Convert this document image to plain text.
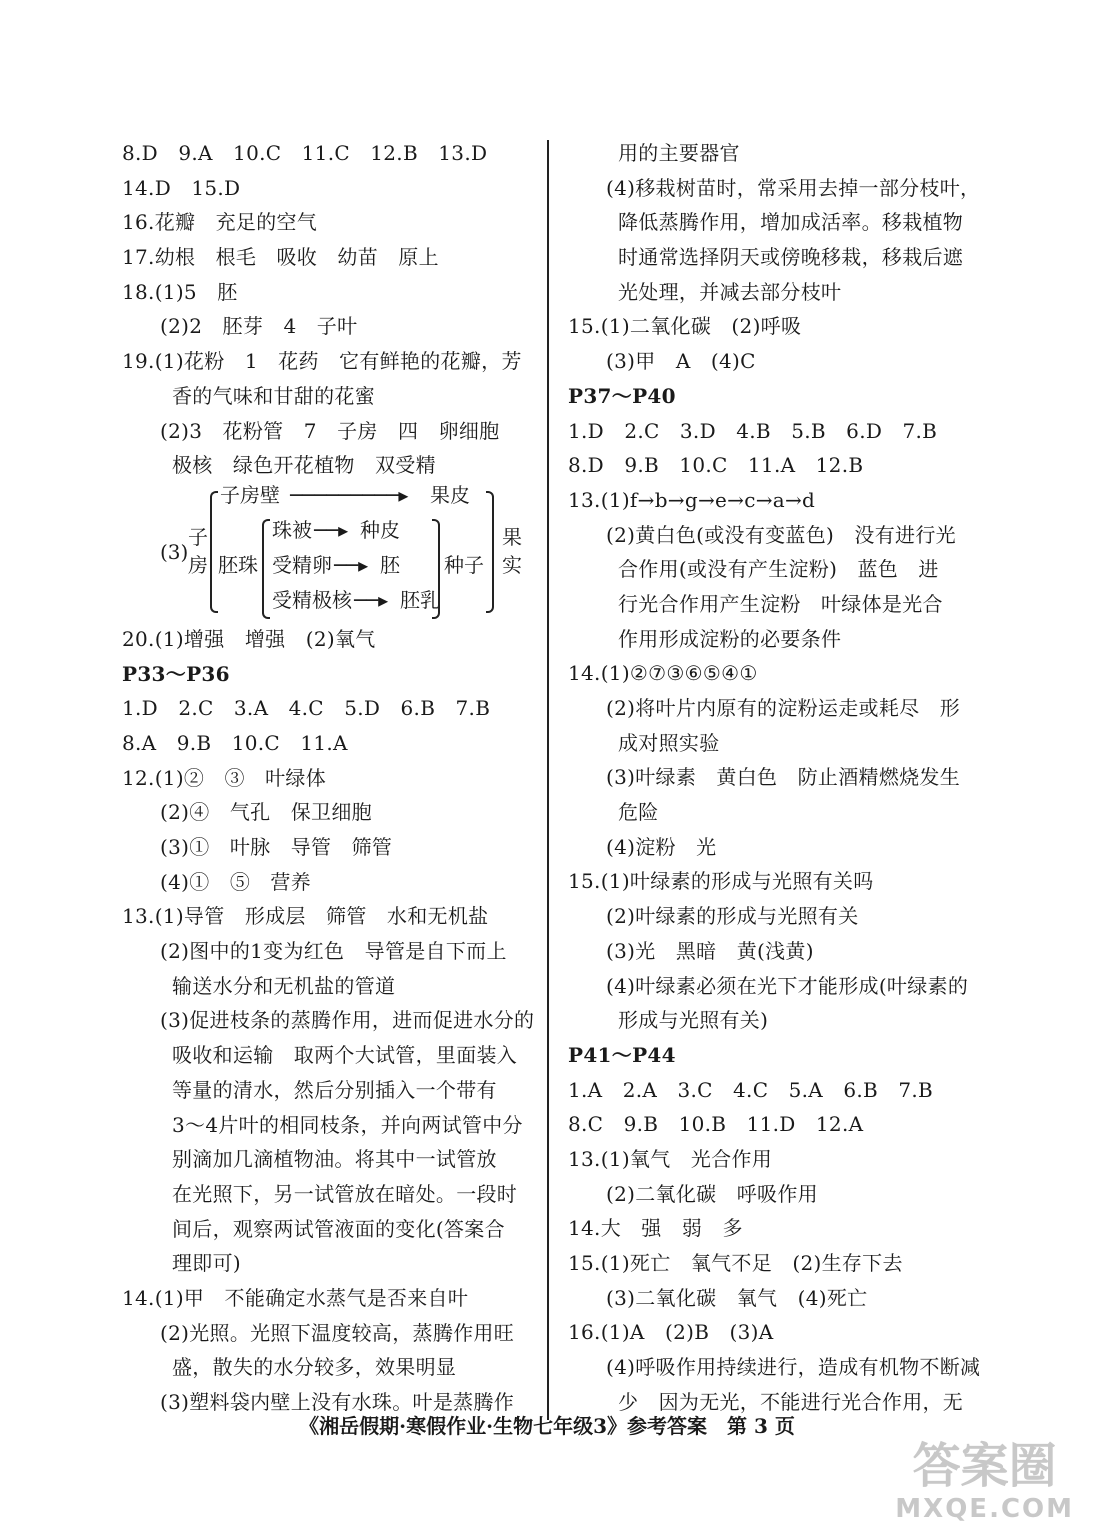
8.D　9.A　10.C　11.C　12.B　13.D
14.D　15.D
16.花瓣　充足的空气
17.幼根　根毛　吸收　幼苗　原上
18.(1)5　胚
(2)2　胚芽　4　子叶
19.(1)花粉　1　花药　它有鲜艳的花瓣，芳
香的气味和甘甜的花蜜
(2)3　花粉管　7　子房　四　卵细胞
极核　绿色开花植物　双受精
(3)
子
房
子房壁 ─────────▸ 果皮
胚珠
珠被 ──▸ 种皮
受精卵 ──▸ 胚
受精极核 ──▸ 胚乳
种子
果
实
20.(1)增强　增强　(2)氧气
P33～P36
1.D　2.C　3.A　4.C　5.D　6.B　7.B
8.A　9.B　10.C　11.A
12.(1)②　③　叶绿体
(2)④　气孔　保卫细胞
(3)①　叶脉　导管　筛管
(4)①　⑤　营养
13.(1)导管　形成层　筛管　水和无机盐
(2)图中的1变为红色　导管是自下而上
输送水分和无机盐的管道
(3)促进枝条的蒸腾作用，进而促进水分的
吸收和运输　取两个大试管，里面装入
等量的清水，然后分别插入一个带有
3～4片叶的相同枝条，并向两试管中分
别滴加几滴植物油。将其中一试管放
在光照下，另一试管放在暗处。一段时
间后，观察两试管液面的变化(答案合
理即可)
14.(1)甲　不能确定水蒸气是否来自叶
(2)光照。光照下温度较高，蒸腾作用旺
盛，散失的水分较多，效果明显
(3)塑料袋内壁上没有水珠。叶是蒸腾作
用的主要器官
(4)移栽树苗时，常采用去掉一部分枝叶，
降低蒸腾作用，增加成活率。移栽植物
时通常选择阴天或傍晚移栽，移栽后遮
光处理，并减去部分枝叶
15.(1)二氧化碳　(2)呼吸
(3)甲　A　(4)C
P37～P40
1.D　2.C　3.D　4.B　5.B　6.D　7.B
8.D　9.B　10.C　11.A　12.B
13.(1)f→b→g→e→c→a→d
(2)黄白色(或没有变蓝色)　没有进行光
合作用(或没有产生淀粉)　蓝色　进
行光合作用产生淀粉　叶绿体是光合
作用形成淀粉的必要条件
14.(1)②⑦③⑥⑤④①
(2)将叶片内原有的淀粉运走或耗尽　形
成对照实验
(3)叶绿素　黄白色　防止酒精燃烧发生
危险
(4)淀粉　光
15.(1)叶绿素的形成与光照有关吗
(2)叶绿素的形成与光照有关
(3)光　黑暗　黄(浅黄)
(4)叶绿素必须在光下才能形成(叶绿素的
形成与光照有关)
P41～P44
1.A　2.A　3.C　4.C　5.A　6.B　7.B
8.C　9.B　10.B　11.D　12.A
13.(1)氧气　光合作用
(2)二氧化碳　呼吸作用
14.大　强　弱　多
15.(1)死亡　氧气不足　(2)生存下去
(3)二氧化碳　氧气　(4)死亡
16.(1)A　(2)B　(3)A
(4)呼吸作用持续进行，造成有机物不断减
少　因为无光，不能进行光合作用，无
《湘岳假期·寒假作业·生物七年级3》参考答案　第 3 页
答案圈
MXQE.COM
